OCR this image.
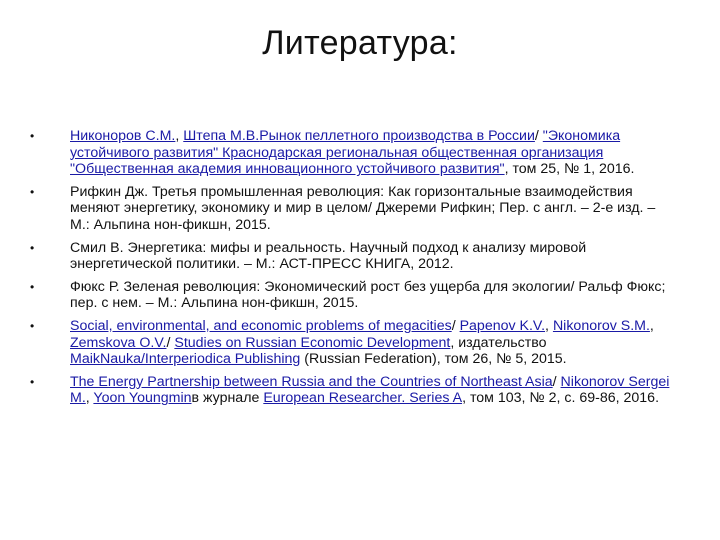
Литература:
•	Никоноров С.М., Штепа М.В.Рынок пеллетного производства в России/ "Экономика устойчивого развития" Краснодарская региональная общественная организация "Общественная академия инновационного устойчивого развития", том 25, № 1, 2016.
•	Рифкин Дж. Третья промышленная революция: Как горизонтальные взаимодействия меняют энергетику, экономику и мир в целом/ Джереми Рифкин; Пер. с англ. – 2-е изд. – М.: Альпина нон-фикшн, 2015.
•	Смил В. Энергетика: мифы и реальность. Научный подход к анализу мировой энергетической политики. – М.: АСТ-ПРЕСС КНИГА, 2012.
•	Фюкс Р. Зеленая революция: Экономический рост без ущерба для экологии/ Ральф Фюкс; пер. с нем. – М.: Альпина нон-фикшн, 2015.
•	Social, environmental, and economic problems of megacities/ Papenov K.V., Nikonorov S.M., Zemskova O.V./ Studies on Russian Economic Development, издательство MaikNauka/Interperiodica Publishing (Russian Federation), том 26, № 5, 2015.
•	The Energy Partnership between Russia and the Countries of Northeast Asia/ Nikonorov Sergei M., Yoon Youngminв журнале European Researcher. Series A, том 103, № 2, с. 69-86, 2016.
